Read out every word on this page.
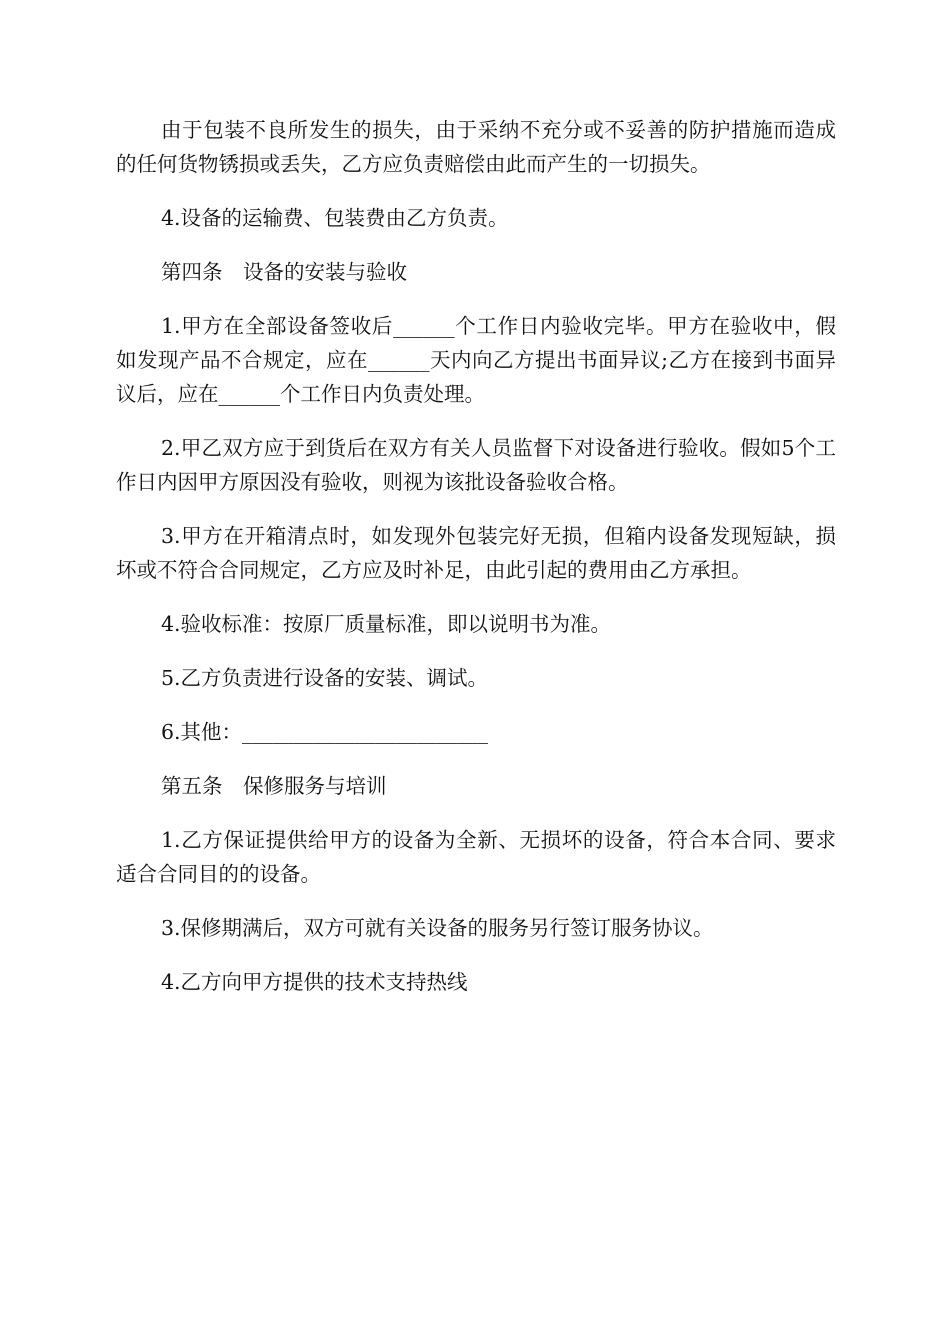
由于包装不良所发生的损失，由于采纳不充分或不妥善的防护措施而造成的任何货物锈损或丢失，乙方应负责赔偿由此而产生的一切损失。

4.设备的运输费、包装费由乙方负责。

第四条　设备的安装与验收

1.甲方在全部设备签收后______个工作日内验收完毕。甲方在验收中，假如发现产品不合规定，应在______天内向乙方提出书面异议;乙方在接到书面异议后，应在______个工作日内负责处理。

2.甲乙双方应于到货后在双方有关人员监督下对设备进行验收。假如5个工作日内因甲方原因没有验收，则视为该批设备验收合格。

3.甲方在开箱清点时，如发现外包装完好无损，但箱内设备发现短缺，损坏或不符合合同规定，乙方应及时补足，由此引起的费用由乙方承担。

4.验收标准：按原厂质量标准，即以说明书为准。

5.乙方负责进行设备的安装、调试。

6.其他：________________________

第五条　保修服务与培训

1.乙方保证提供给甲方的设备为全新、无损坏的设备，符合本合同、要求适合合同目的的设备。

3.保修期满后，双方可就有关设备的服务另行签订服务协议。

4.乙方向甲方提供的技术支持热线
